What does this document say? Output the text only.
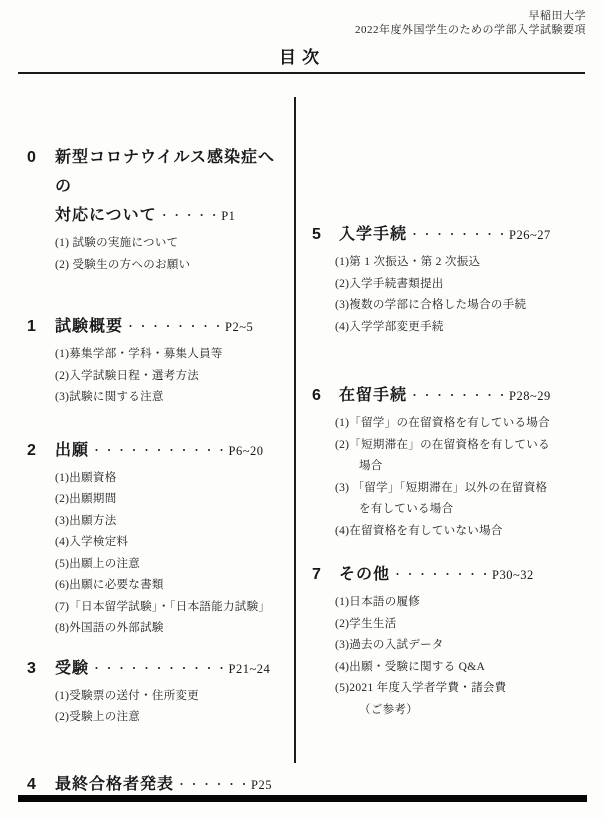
早稲田大学
2022年度外国学生のための学部入学試験要項
目次
0	新型コロナウイルス感染症への
対応について ・・・・・P1
(1) 試験の実施について
(2) 受験生の方へのお願い
1	試験概要 ・・・・・・・・P2~5
(1)募集学部・学科・募集人員等
(2)入学試験日程・選考方法
(3)試験に関する注意
2	出願 ・・・・・・・・・・・P6~20
(1)出願資格
(2)出願期間
(3)出願方法
(4)入学検定料
(5)出願上の注意
(6)出願に必要な書類
(7)「日本留学試験」・「日本語能力試験」
(8)外国語の外部試験
3	受験 ・・・・・・・・・・・P21~24
(1)受験票の送付・住所変更
(2)受験上の注意
4	最終合格者発表 ・・・・・・P25
5	入学手続 ・・・・・・・・P26~27
(1)第 1 次振込・第 2 次振込
(2)入学手続書類提出
(3)複数の学部に合格した場合の手続
(4)入学学部変更手続
6	在留手続 ・・・・・・・・P28~29
(1)「留学」の在留資格を有している場合
(2)「短期滞在」の在留資格を有している
場合
(3) 「留学」「短期滞在」以外の在留資格
を有している場合
(4)在留資格を有していない場合
7	その他 ・・・・・・・・P30~32
(1)日本語の履修
(2)学生生活
(3)過去の入試データ
(4)出願・受験に関する Q&A
(5)2021 年度入学者学費・諸会費
（ご参考）
